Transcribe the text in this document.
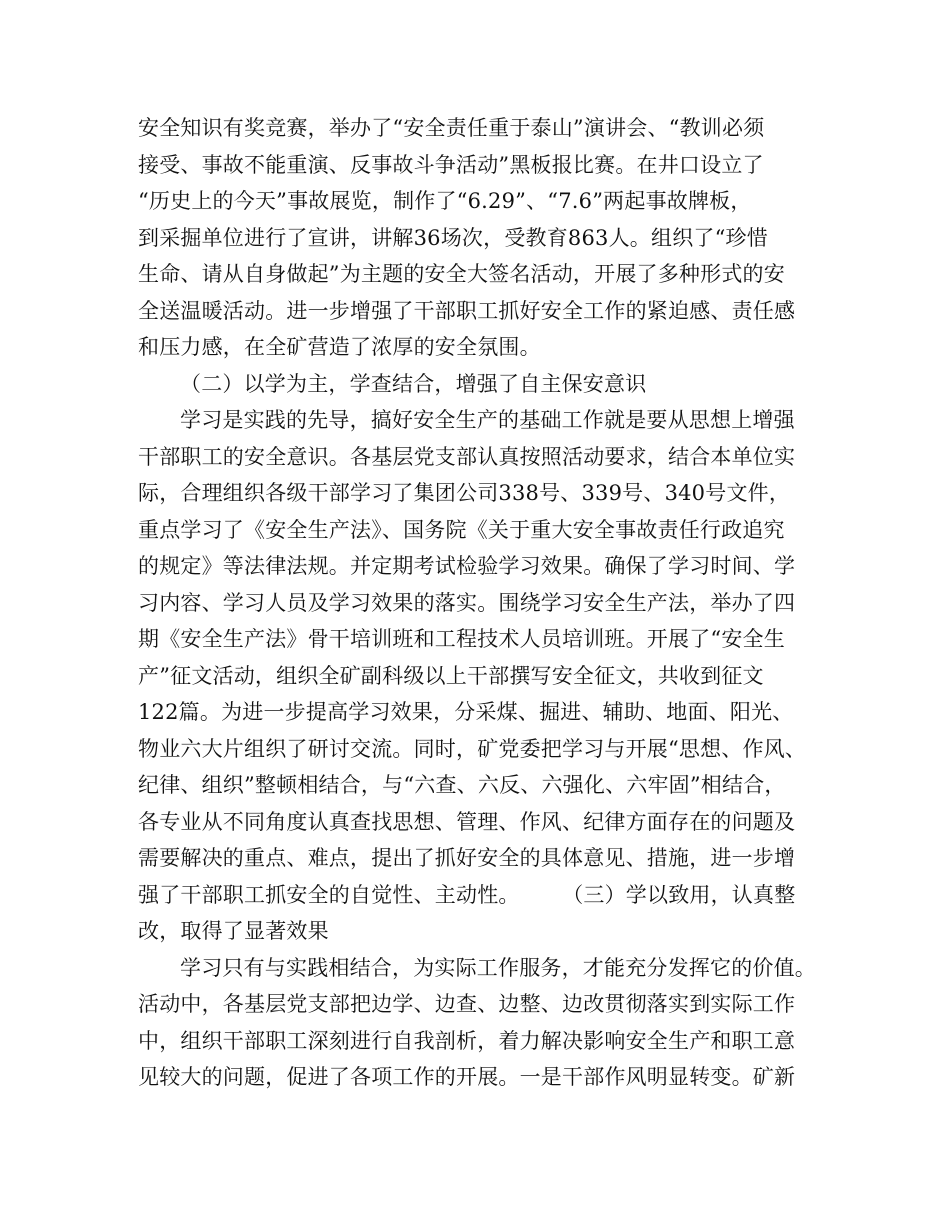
安全知识有奖竞赛，举办了“安全责任重于泰山”演讲会、“教训必须
接受、事故不能重演、反事故斗争活动”黑板报比赛。在井口设立了
“历史上的今天”事故展览，制作了“6.29”、“7.6”两起事故牌板，
到采掘单位进行了宣讲，讲解36场次，受教育863人。组织了“珍惜
生命、请从自身做起”为主题的安全大签名活动，开展了多种形式的安
全送温暖活动。进一步增强了干部职工抓好安全工作的紧迫感、责任感
和压力感，在全矿营造了浓厚的安全氛围。
（二）以学为主，学查结合，增强了自主保安意识
学习是实践的先导，搞好安全生产的基础工作就是要从思想上增强
干部职工的安全意识。各基层党支部认真按照活动要求，结合本单位实
际，合理组织各级干部学习了集团公司338号、339号、340号文件，
重点学习了《安全生产法》、国务院《关于重大安全事故责任行政追究
的规定》等法律法规。并定期考试检验学习效果。确保了学习时间、学
习内容、学习人员及学习效果的落实。围绕学习安全生产法，举办了四
期《安全生产法》骨干培训班和工程技术人员培训班。开展了“安全生
产”征文活动，组织全矿副科级以上干部撰写安全征文，共收到征文
122篇。为进一步提高学习效果，分采煤、掘进、辅助、地面、阳光、
物业六大片组织了研讨交流。同时，矿党委把学习与开展“思想、作风、
纪律、组织”整顿相结合，与“六查、六反、六强化、六牢固”相结合，
各专业从不同角度认真查找思想、管理、作风、纪律方面存在的问题及
需要解决的重点、难点，提出了抓好安全的具体意见、措施，进一步增
强了干部职工抓安全的自觉性、主动性。　　　（三）学以致用，认真整
改，取得了显著效果
学习只有与实践相结合，为实际工作服务，才能充分发挥它的价值。
活动中，各基层党支部把边学、边查、边整、边改贯彻落实到实际工作
中，组织干部职工深刻进行自我剖析，着力解决影响安全生产和职工意
见较大的问题，促进了各项工作的开展。一是干部作风明显转变。矿新
